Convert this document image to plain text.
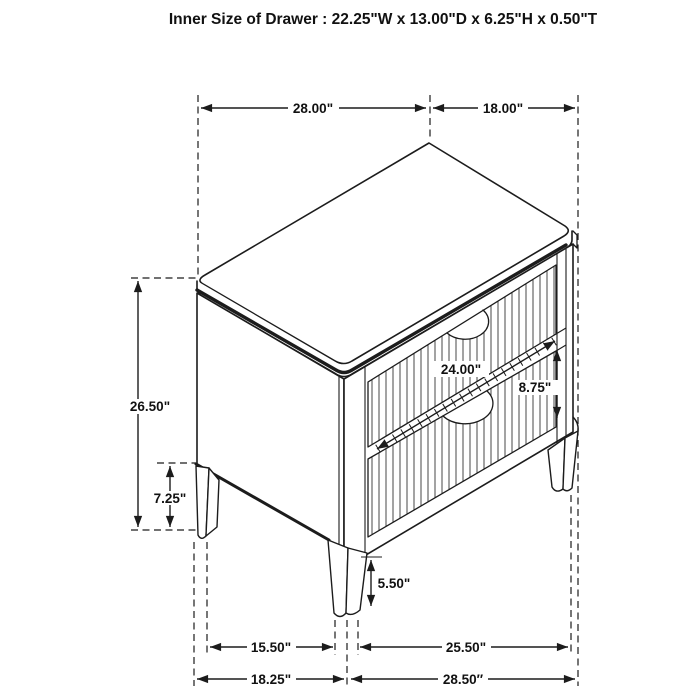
28.00"	18.00"
26.50"
7.25"
24.00"
8.75"
5.50"
15.50"	25.50"
18.25"	28.50″
Inner Size of Drawer : 22.25"W x 13.00"D x 6.25"H x 0.50"T
